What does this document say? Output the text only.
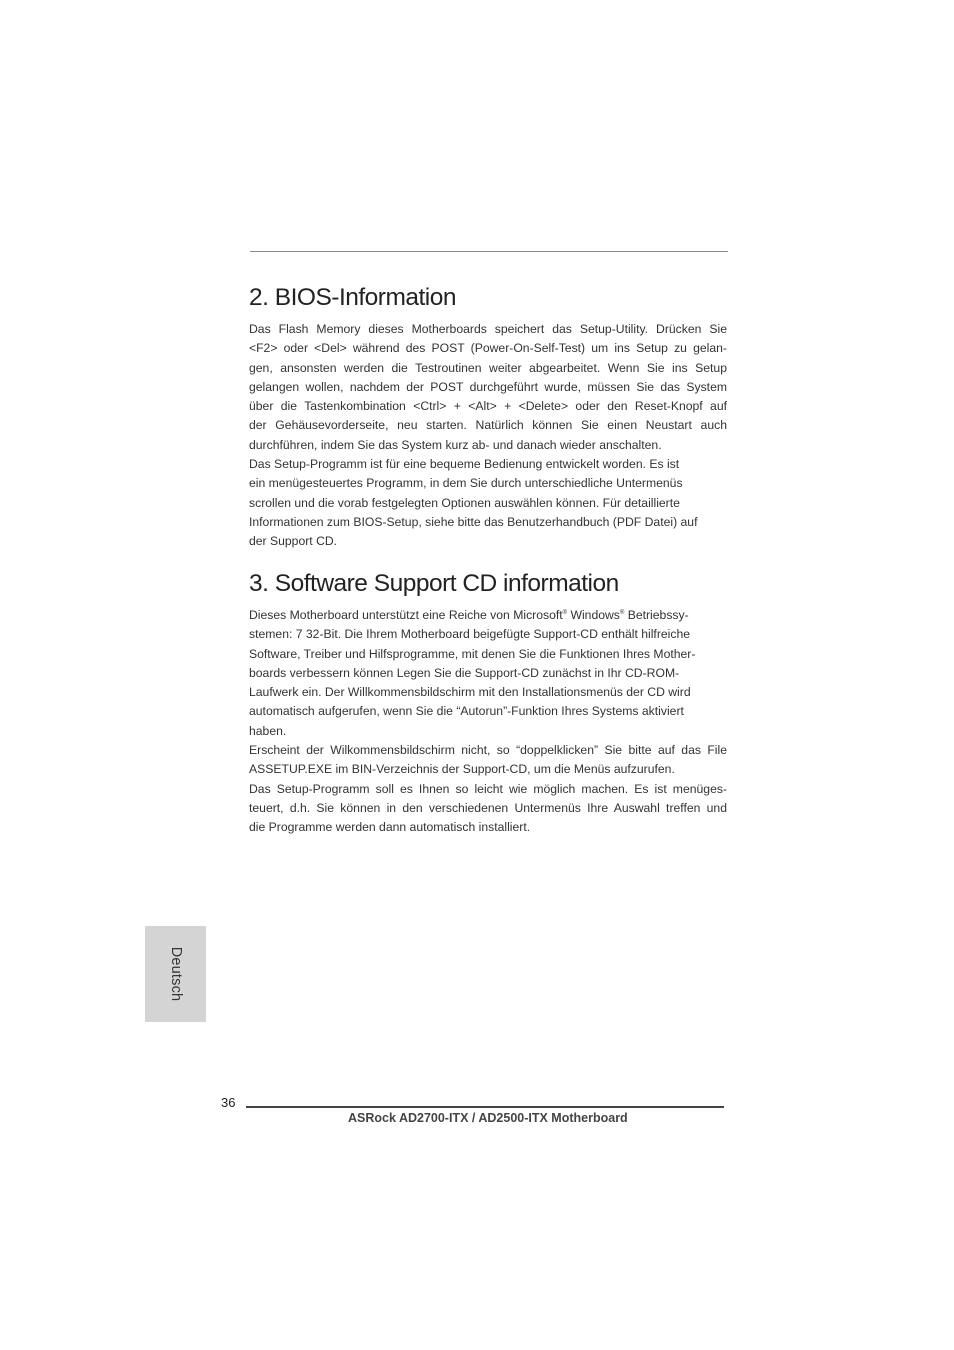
2. BIOS-Information

Das Flash Memory dieses Motherboards speichert das Setup-Utility. Drücken Sie
<F2> oder <Del> während des POST (Power-On-Self-Test) um ins Setup zu gelan-
gen, ansonsten werden die Testroutinen weiter abgearbeitet. Wenn Sie ins Setup
gelangen wollen, nachdem der POST durchgeführt wurde, müssen Sie das System
über die Tastenkombination <Ctrl> + <Alt> + <Delete> oder den Reset-Knopf auf
der Gehäusevorderseite, neu starten. Natürlich können Sie einen Neustart auch
durchführen, indem Sie das System kurz ab- und danach wieder anschalten.
Das Setup-Programm ist für eine bequeme Bedienung entwickelt worden. Es ist
ein menügesteuertes Programm, in dem Sie durch unterschiedliche Untermenüs
scrollen und die vorab festgelegten Optionen auswählen können. Für detaillierte
Informationen zum BIOS-Setup, siehe bitte das Benutzerhandbuch (PDF Datei) auf
der Support CD.

3. Software Support CD information

Dieses Motherboard unterstützt eine Reiche von Microsoft® Windows® Betriebssy-
stemen: 7 32-Bit. Die Ihrem Motherboard beigefügte Support-CD enthält hilfreiche
Software, Treiber und Hilfsprogramme, mit denen Sie die Funktionen Ihres Mother-
boards verbessern können Legen Sie die Support-CD zunächst in Ihr CD-ROM-
Laufwerk ein. Der Willkommensbildschirm mit den Installationsmenüs der CD wird
automatisch aufgerufen, wenn Sie die “Autorun”-Funktion Ihres Systems aktiviert
haben.
Erscheint der Wilkommensbildschirm nicht, so “doppelklicken” Sie bitte auf das File
ASSETUP.EXE im BIN-Verzeichnis der Support-CD, um die Menüs aufzurufen.
Das Setup-Programm soll es Ihnen so leicht wie möglich machen. Es ist menüges-
teuert, d.h. Sie können in den verschiedenen Untermenüs Ihre Auswahl treffen und
die Programme werden dann automatisch installiert.

Deutsch
36
ASRock AD2700-ITX / AD2500-ITX Motherboard
